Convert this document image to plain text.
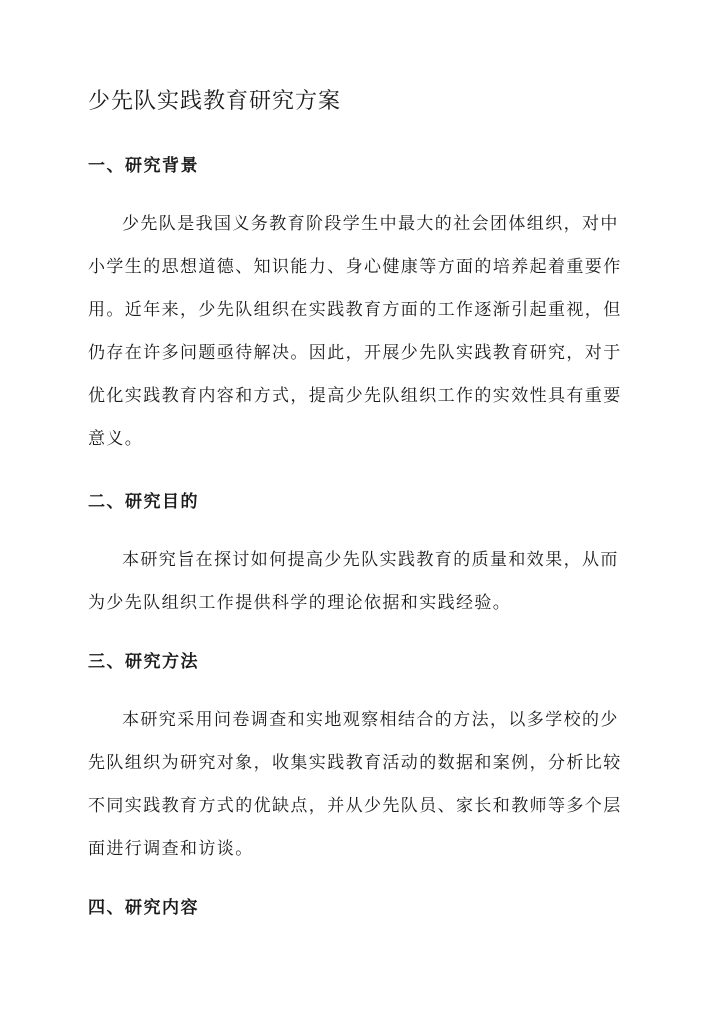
少先队实践教育研究方案
一、研究背景
少先队是我国义务教育阶段学生中最大的社会团体组织，对中
小学生的思想道德、知识能力、身心健康等方面的培养起着重要作
用。近年来，少先队组织在实践教育方面的工作逐渐引起重视，但
仍存在许多问题亟待解决。因此，开展少先队实践教育研究，对于
优化实践教育内容和方式，提高少先队组织工作的实效性具有重要
意义。
二、研究目的
本研究旨在探讨如何提高少先队实践教育的质量和效果，从而
为少先队组织工作提供科学的理论依据和实践经验。
三、研究方法
本研究采用问卷调查和实地观察相结合的方法，以多学校的少
先队组织为研究对象，收集实践教育活动的数据和案例，分析比较
不同实践教育方式的优缺点，并从少先队员、家长和教师等多个层
面进行调查和访谈。
四、研究内容
